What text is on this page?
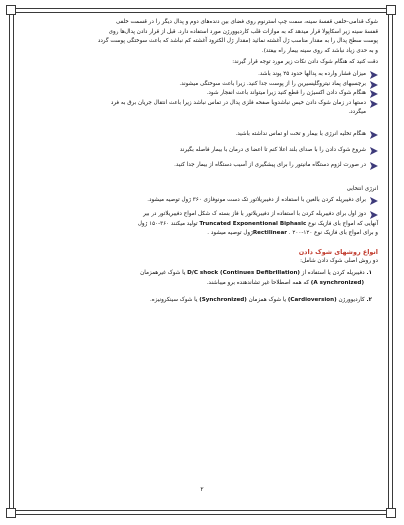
شوک قدامی-خلفی قفسهٔ سینه، سمت چپ استرنوم روی فضای بین دنده‌های دوم و پدال دیگر را در قسمت خلفی

قفسهٔ سینه زیر اسکاپولا قرار میدهد که به موازات قلب کاردیوورژن مورد استفاده دارد. قبل از قرار دادن پدال‌ها روی

پوست سطح پدال را به مقدار مناسب ژل آغشته نمائید (مقدار ژل الکترود آغشته کم نباشد که باعث سوختگی پوست گردد

و به حدی زیاد نباشد که روی سینه بیمار راه بیفتد).

دقت کنید که هنگام شوک دادن نکات زیر مورد توجه قرار گیرند:

میزان فشار وارده به پدالها حدود ۲۵ پوند باشد.
برچسبهای پماد نیتروگلیسیرین را از پوست جدا کنید. زیرا باعث سوختگی میشوند.
هنگام شوک دادن اکسیژن را قطع کنید زیرا میتواند باعث انفجار شود.
دستها در زمان شوک دادن خیس نباشدویا صفحه فلزی پدال در تماس نباشد زیرا باعث انتقال جریان برق به فرد

میگردد.

هنگام تخلیه انرژی با بیمار و تخت او تماس نداشته باشید.
شروع شوک دادن را با صدای بلند اعلا کنم تا اعضا ی درمان با بیمار فاصله بگیرند
در صورت لزوم دستگاه مانیتور را برای پیشگیری از آسیب دستگاه از بیمار جدا کنید.

انرژی انتخابی

برای دفیبریله کردن بالغین با استفاده از دفیبریلاتور تک دست مونوفازی ۳۶۰ ژول توصیه میشود.
دوز اول برای دفیبریله کردن با استفاده از دفیبریلاتور با فاز بسته ک شکل امواج دفیبریلاتور در بیر

آنهایی که امواج بای فازیک نوع Truncated Exponentional Biphasic تولید میکنند ۳۶۰-۱۵۰ ژول

و برای امواج بای فازیک نوع Rectilinear . ۲۰۰-۱۲۰ژول توصیه میشود .

انواع روشهای شوک دادن

دو روش اصلی شوک دادن شامل:

۱. دفیبریله کردن یا استفاده از D/C shock (Continues Defibrillation) یا شوک غیرهمزمان

(A synchronized) که همه اصطلاحا غیر تشاندهنده برو میباشند.

۲. کاردیوورژن (Cardioversion) یا شوک همزمان (Synchronized) یا شوک سینکرونیزه.

۲
